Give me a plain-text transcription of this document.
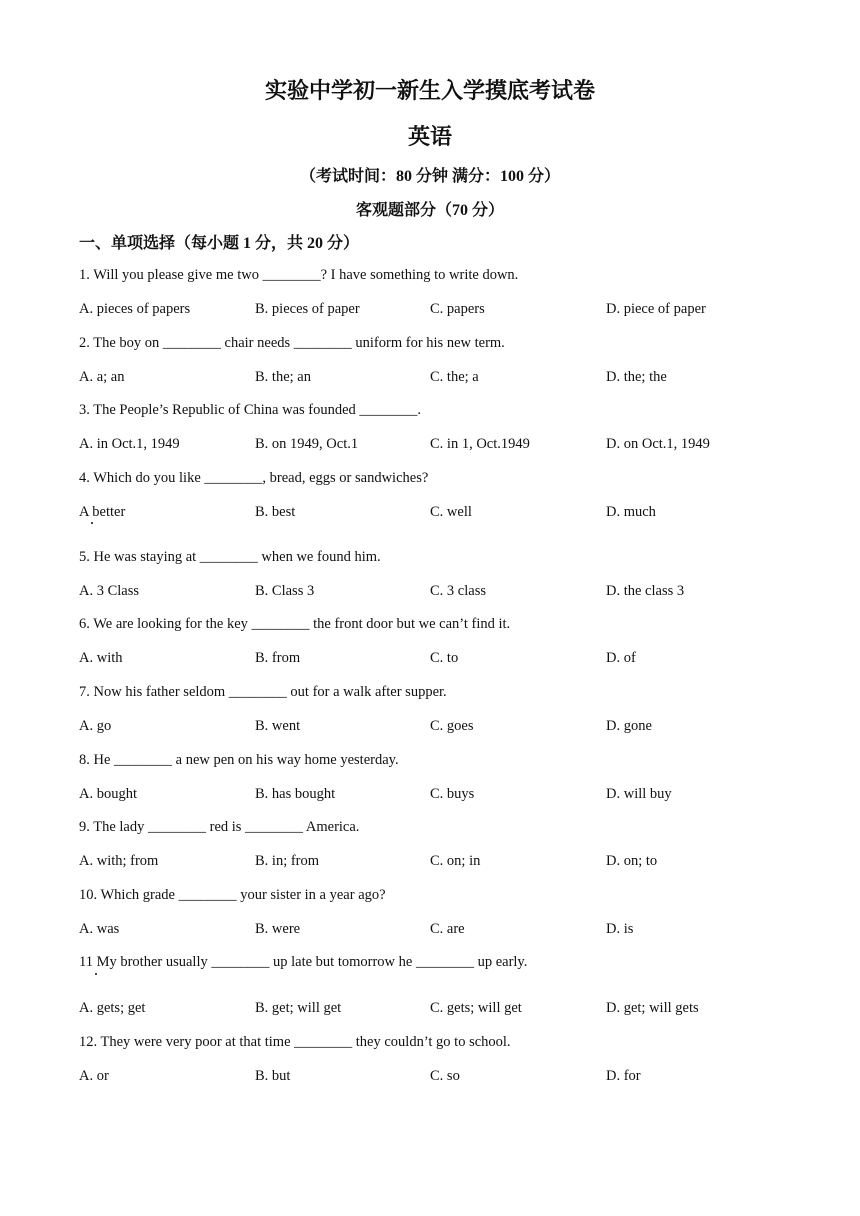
实验中学初一新生入学摸底考试卷
英语
（考试时间：80 分钟 满分：100 分）
客观题部分（70 分）
一、单项选择（每小题 1 分，共 20 分）
1. Will you please give me two ________? I have something to write down.
A. pieces of papers	B. pieces of paper	C. papers	D. piece of paper
2. The boy on ________ chair needs ________ uniform for his new term.
A. a; an	B. the; an	C. the; a	D. the; the
3. The People’s Republic of China was founded ________.
A. in Oct.1, 1949	B. on 1949, Oct.1	C. in 1, Oct.1949	D. on Oct.1, 1949
4. Which do you like ________, bread, eggs or sandwiches?
A better	B. best	C. well	D. much
5. He was staying at ________ when we found him.
A. 3 Class	B. Class 3	C. 3 class	D. the class 3
6. We are looking for the key ________ the front door but we can’t find it.
A. with	B. from	C. to	D. of
7. Now his father seldom ________ out for a walk after supper.
A. go	B. went	C. goes	D. gone
8. He ________ a new pen on his way home yesterday.
A. bought	B. has bought	C. buys	D. will buy
9. The lady ________ red is ________ America.
A. with; from	B. in; from	C. on; in	D. on; to
10. Which grade ________ your sister in a year ago?
A. was	B. were	C. are	D. is
11 My brother usually ________ up late but tomorrow he ________ up early.
A. gets; get	B. get; will get	C. gets; will get	D. get; will gets
12. They were very poor at that time ________ they couldn’t go to school.
A. or	B. but	C. so	D. for
